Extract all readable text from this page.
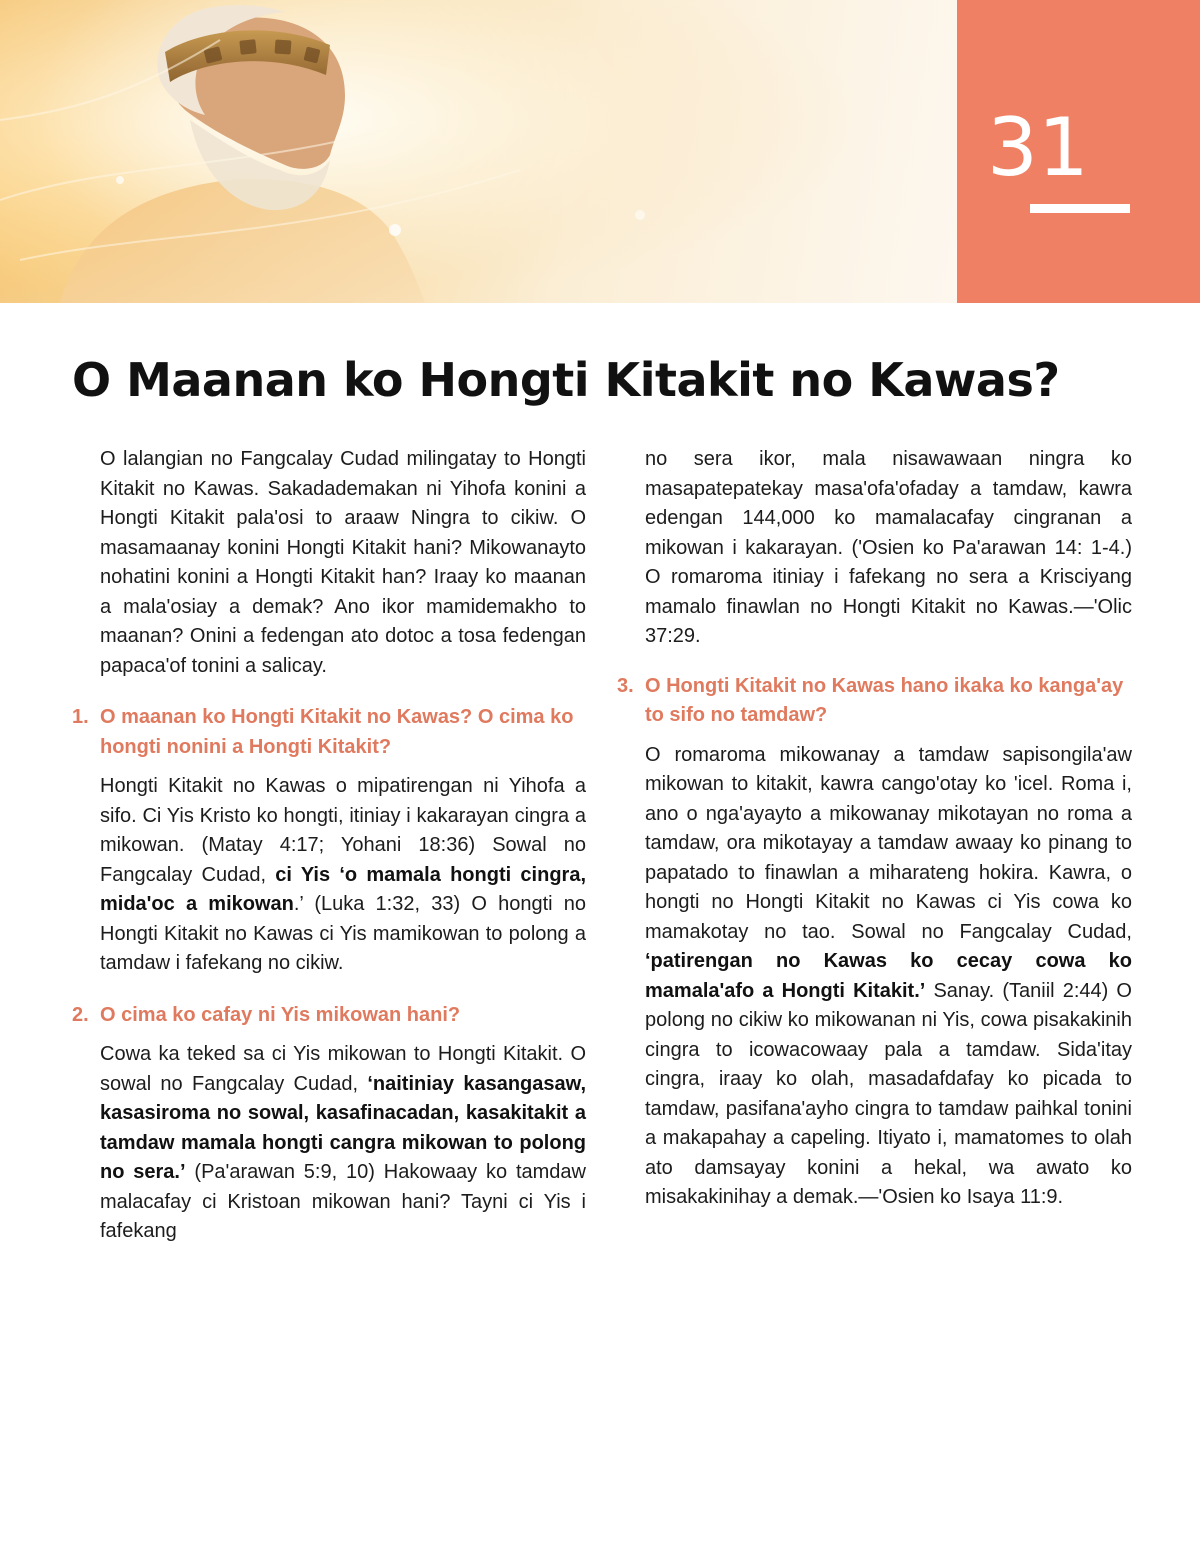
31
O Maanan ko Hongti Kitakit no Kawas?

O lalangian no Fangcalay Cudad milingatay to Hongti Kitakit no Kawas. Sakadademakan ni Yihofa konini a Hongti Kitakit pala'osi to araaw Ningra to cikiw. O masamaanay konini Hongti Kitakit hani? Mikowanayto nohatini konini a Hongti Kitakit han? Iraay ko maanan a mala'osiay a demak? Ano ikor mamidemakho to maanan? Onini a fedengan ato dotoc a tosa fedengan papaca'of tonini a salicay.

1. O maanan ko Hongti Kitakit no Kawas? O cima ko hongti nonini a Hongti Kitakit?

Hongti Kitakit no Kawas o mipatirengan ni Yihofa a sifo. Ci Yis Kristo ko hongti, itiniay i kakarayan cingra a mikowan. (Matay 4:17; Yohani 18:36) Sowal no Fangcalay Cudad, ci Yis ‘o mamala hongti cingra, mida'oc a mikowan.’ (Luka 1:32, 33) O hongti no Hongti Kitakit no Kawas ci Yis mamikowan to polong a tamdaw i fafekang no cikiw.

2. O cima ko cafay ni Yis mikowan hani?

Cowa ka teked sa ci Yis mikowan to Hongti Kitakit. O sowal no Fangcalay Cudad, ‘naitiniay kasangasaw, kasasiroma no sowal, kasafinacadan, kasakitakit a tamdaw mamala hongti cangra mikowan to polong no sera.’ (Pa'arawan 5:9, 10) Hakowaay ko tamdaw malacafay ci Kristoan mikowan hani? Tayni ci Yis i fafekang

no sera ikor, mala nisawawaan ningra ko masapatepatekay masa'ofa'ofaday a tamdaw, kawra edengan 144,000 ko mamalacafay cingranan a mikowan i kakarayan. ('Osien ko Pa'arawan 14: 1-4.) O romaroma itiniay i fafekang no sera a Krisciyang mamalo finawlan no Hongti Kitakit no Kawas.—'Olic 37:29.

3. O Hongti Kitakit no Kawas hano ikaka ko kanga'ay to sifo no tamdaw?

O romaroma mikowanay a tamdaw sapisongila'aw mikowan to kitakit, kawra cango'otay ko 'icel. Roma i, ano o nga'ayayto a mikowanay mikotayan no roma a tamdaw, ora mikotayay a tamdaw awaay ko pinang to papatado to finawlan a miharateng hokira. Kawra, o hongti no Hongti Kitakit no Kawas ci Yis cowa ko mamakotay no tao. Sowal no Fangcalay Cudad, ‘patirengan no Kawas ko cecay cowa ko mamala'afo a Hongti Kitakit.’ Sanay. (Taniil 2:44) O polong no cikiw ko mikowanan ni Yis, cowa pisakakinih cingra to icowacowaay pala a tamdaw. Sida'itay cingra, iraay ko olah, masadafdafay ko picada to tamdaw, pasifana'ayho cingra to tamdaw paihkal tonini a makapahay a capeling. Itiyato i, mamatomes to olah ato damsayay konini a hekal, wa awato ko misakakinihay a demak.—'Osien ko Isaya 11:9.
